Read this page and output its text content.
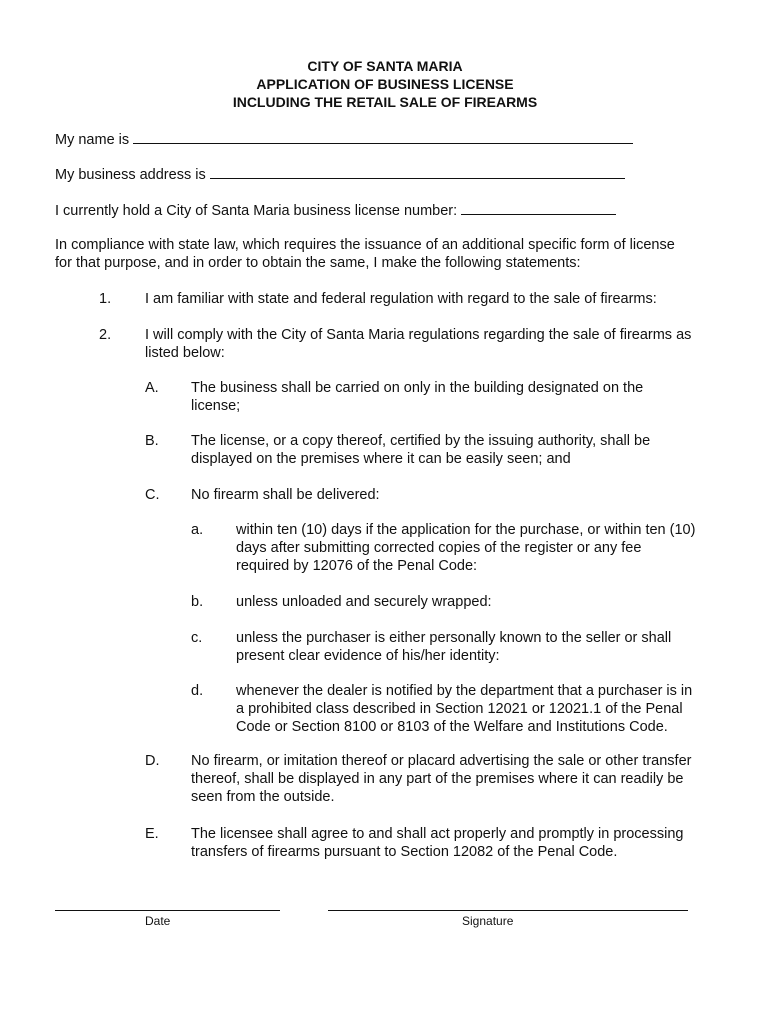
CITY OF SANTA MARIA
APPLICATION OF BUSINESS LICENSE
INCLUDING THE RETAIL SALE OF FIREARMS
My name is
My business address is
I currently hold a City of Santa Maria business license number:
In compliance with state law, which requires the issuance of an additional specific form of license
for that purpose, and in order to obtain the same, I make the following statements:
1. I am familiar with state and federal regulation with regard to the sale of firearms:
2. I will comply with the City of Santa Maria regulations regarding the sale of firearms as
listed below:
A. The business shall be carried on only in the building designated on the
license;
B. The license, or a copy thereof, certified by the issuing authority, shall be
displayed on the premises where it can be easily seen; and
C. No firearm shall be delivered:
a. within ten (10) days if the application for the purchase, or within ten (10)
days after submitting corrected copies of the register or any fee
required by 12076 of the Penal Code:
b. unless unloaded and securely wrapped:
c. unless the purchaser is either personally known to the seller or shall
present clear evidence of his/her identity:
d. whenever the dealer is notified by the department that a purchaser is in
a prohibited class described in Section 12021 or 12021.1 of the Penal
Code or Section 8100 or 8103 of the Welfare and Institutions Code.
D. No firearm, or imitation thereof or placard advertising the sale or other transfer
thereof, shall be displayed in any part of the premises where it can readily be
seen from the outside.
E. The licensee shall agree to and shall act properly and promptly in processing
transfers of firearms pursuant to Section 12082 of the Penal Code.
Date	Signature
